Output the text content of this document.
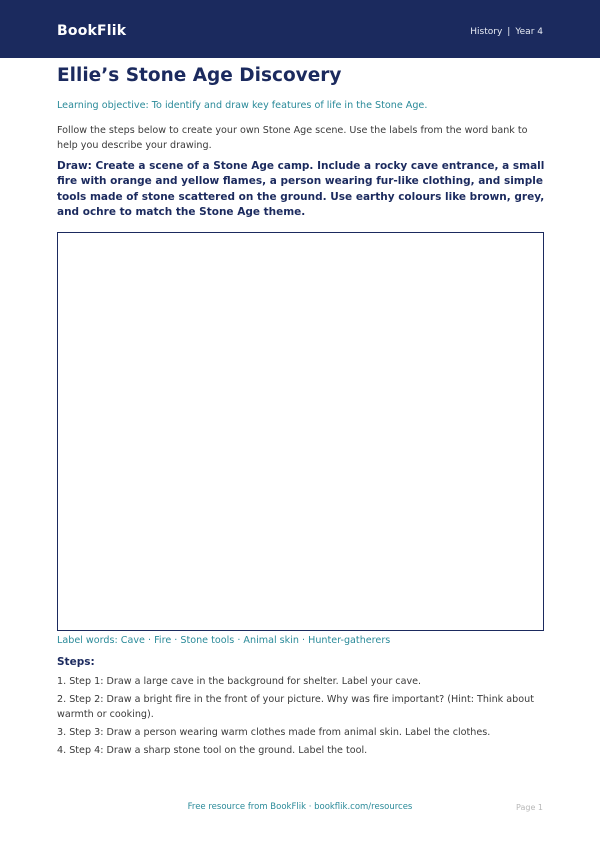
BookFlik	History | Year 4
Ellie’s Stone Age Discovery
Learning objective: To identify and draw key features of life in the Stone Age.

Follow the steps below to create your own Stone Age scene. Use the labels from the word bank to help you describe your drawing.

Draw: Create a scene of a Stone Age camp. Include a rocky cave entrance, a small fire with orange and yellow flames, a person wearing fur-like clothing, and simple tools made of stone scattered on the ground. Use earthy colours like brown, grey, and ochre to match the Stone Age theme.

Label words: Cave · Fire · Stone tools · Animal skin · Hunter-gatherers
Steps:
1. Step 1: Draw a large cave in the background for shelter. Label your cave.
2. Step 2: Draw a bright fire in the front of your picture. Why was fire important? (Hint: Think about warmth or cooking).
3. Step 3: Draw a person wearing warm clothes made from animal skin. Label the clothes.
4. Step 4: Draw a sharp stone tool on the ground. Label the tool.
Free resource from BookFlik · bookflik.com/resources	Page 1
